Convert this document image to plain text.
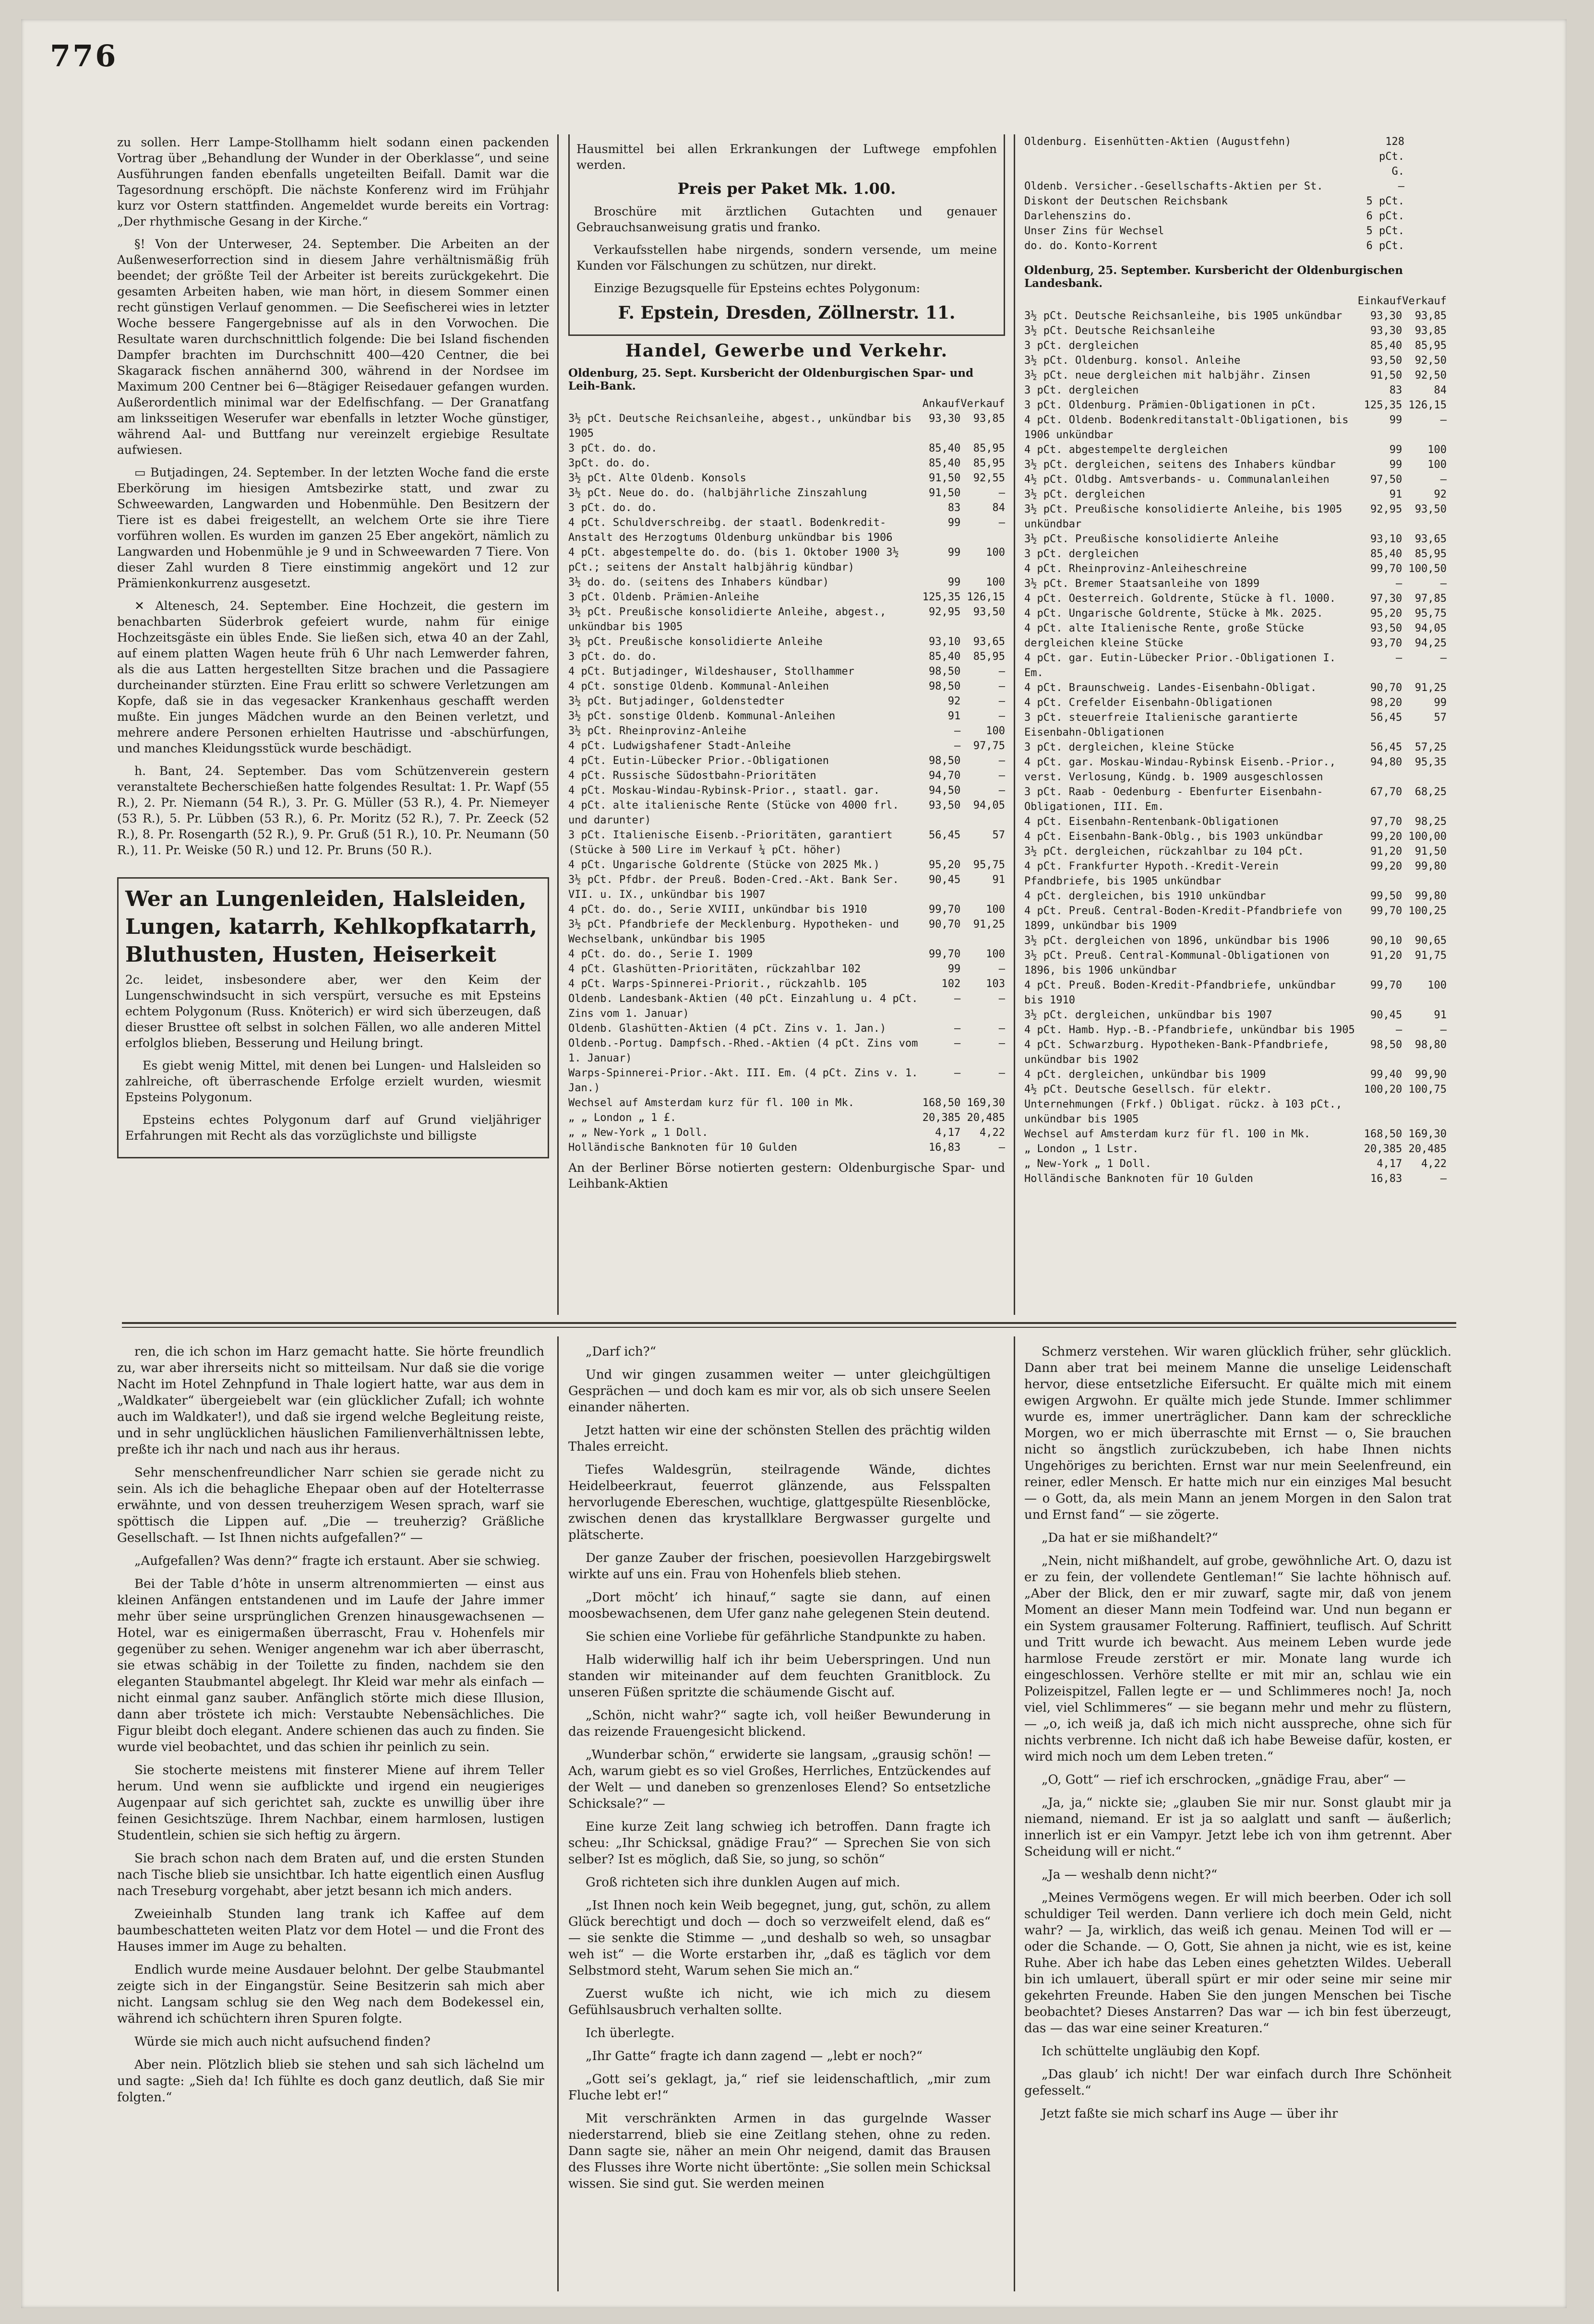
776

zu sollen. Herr Lampe-Stollhamm hielt sodann einen packenden Vortrag über „Behandlung der Wunder in der Oberklasse“, und seine Ausführungen fanden ebenfalls ungeteilten Beifall. Damit war die Tagesordnung erschöpft. Die nächste Konferenz wird im Frühjahr kurz vor Ostern stattfinden. Angemeldet wurde bereits ein Vortrag: „Der rhythmische Gesang in der Kirche.“

§! Von der Unterweser, 24. September. Die Arbeiten an der Außenweserforrection sind in diesem Jahre verhältnismäßig früh beendet; der größte Teil der Arbeiter ist bereits zurückgekehrt. Die gesamten Arbeiten haben, wie man hört, in diesem Sommer einen recht günstigen Verlauf genommen. — Die Seefischerei wies in letzter Woche bessere Fangergebnisse auf als in den Vorwochen. Die Resultate waren durchschnittlich folgende: Die bei Island fischenden Dampfer brachten im Durchschnitt 400—420 Centner, die bei Skagarack fischen annähernd 300, während in der Nordsee im Maximum 200 Centner bei 6—8tägiger Reisedauer gefangen wurden. Außerordentlich minimal war der Edelfischfang. — Der Granatfang am linksseitigen Weserufer war ebenfalls in letzter Woche günstiger, während Aal- und Buttfang nur vereinzelt ergiebige Resultate aufwiesen.

▭ Butjadingen, 24. September. In der letzten Woche fand die erste Eberkörung im hiesigen Amtsbezirke statt, und zwar zu Schweewarden, Langwarden und Hobenmühle. Den Besitzern der Tiere ist es dabei freigestellt, an welchem Orte sie ihre Tiere vorführen wollen. Es wurden im ganzen 25 Eber angekört, nämlich zu Langwarden und Hobenmühle je 9 und in Schweewarden 7 Tiere. Von dieser Zahl wurden 8 Tiere einstimmig angekört und 12 zur Prämienkonkurrenz ausgesetzt.

✕ Altenesch, 24. September. Eine Hochzeit, die gestern im benachbarten Süderbrok gefeiert wurde, nahm für einige Hochzeitsgäste ein übles Ende. Sie ließen sich, etwa 40 an der Zahl, auf einem platten Wagen heute früh 6 Uhr nach Lemwerder fahren, als die aus Latten hergestellten Sitze brachen und die Passagiere durcheinander stürzten. Eine Frau erlitt so schwere Verletzungen am Kopfe, daß sie in das vegesacker Krankenhaus geschafft werden mußte. Ein junges Mädchen wurde an den Beinen verletzt, und mehrere andere Personen erhielten Hautrisse und -abschürfungen, und manches Kleidungsstück wurde beschädigt.

h. Bant, 24. September. Das vom Schützenverein gestern veranstaltete Becherschießen hatte folgendes Resultat: 1. Pr. Wapf (55 R.), 2. Pr. Niemann (54 R.), 3. Pr. G. Müller (53 R.), 4. Pr. Niemeyer (53 R.), 5. Pr. Lübben (53 R.), 6. Pr. Moritz (52 R.), 7. Pr. Zeeck (52 R.), 8. Pr. Rosengarth (52 R.), 9. Pr. Gruß (51 R.), 10. Pr. Neumann (50 R.), 11. Pr. Weiske (50 R.) und 12. Pr. Bruns (50 R.).

Wer an Lungenleiden, Halsleiden, Lungen, katarrh, Kehlkopfkatarrh, Bluthusten, Husten, Heiserkeit

2c. leidet, insbesondere aber, wer den Keim der Lungenschwindsucht in sich verspürt, versuche es mit Epsteins echtem Polygonum (Russ. Knöterich) er wird sich überzeugen, daß dieser Brusttee oft selbst in solchen Fällen, wo alle anderen Mittel erfolglos blieben, Besserung und Heilung bringt.

Es giebt wenig Mittel, mit denen bei Lungen- und Halsleiden so zahlreiche, oft überraschende Erfolge erzielt wurden, wiesmit Epsteins Polygonum.

Epsteins echtes Polygonum darf auf Grund vieljähriger Erfahrungen mit Recht als das vorzüglichste und billigste

Hausmittel bei allen Erkrankungen der Luftwege empfohlen werden.

Preis per Paket Mk. 1.00.

Broschüre mit ärztlichen Gutachten und genauer Gebrauchsanweisung gratis und franko.

Verkaufsstellen habe nirgends, sondern versende, um meine Kunden vor Fälschungen zu schützen, nur direkt.

Einzige Bezugsquelle für Epsteins echtes Polygonum:

F. Epstein, Dresden, Zöllnerstr. 11.
Handel, Gewerbe und Verkehr.
Oldenburg, 25. Sept. Kursbericht der Oldenburgischen Spar- und Leih-Bank.
	Ankauf	Verkauf
3½ pCt. Deutsche Reichsanleihe, abgest., unkündbar bis 1905	93,30	93,85
3 pCt. do. do.	85,40	85,95
3pCt. do. do.	85,40	85,95
3½ pCt. Alte Oldenb. Konsols	91,50	92,55
3½ pCt. Neue do. do. (halbjährliche Zinszahlung	91,50	—
3 pCt. do. do.	83	84
4 pCt. Schuldverschreibg. der staatl. Bodenkredit-Anstalt des Herzogtums Oldenburg unkündbar bis 1906	99	—
4 pCt. abgestempelte do. do. (bis 1. Oktober 1900 3½ pCt.; seitens der Anstalt halbjährig kündbar)	99	100
3½ do. do. (seitens des Inhabers kündbar)	99	100
3 pCt. Oldenb. Prämien-Anleihe	125,35	126,15
3½ pCt. Preußische konsolidierte Anleihe, abgest., unkündbar bis 1905	92,95	93,50
3½ pCt. Preußische konsolidierte Anleihe	93,10	93,65
3 pCt. do. do.	85,40	85,95
4 pCt. Butjadinger, Wildeshauser, Stollhammer	98,50	—
4 pCt. sonstige Oldenb. Kommunal-Anleihen	98,50	—
3½ pCt. Butjadinger, Goldenstedter	92	—
3½ pCt. sonstige Oldenb. Kommunal-Anleihen	91	—
3½ pCt. Rheinprovinz-Anleihe	—	100
4 pCt. Ludwigshafener Stadt-Anleihe	—	97,75
4 pCt. Eutin-Lübecker Prior.-Obligationen	98,50	—
4 pCt. Russische Südostbahn-Prioritäten	94,70	—
4 pCt. Moskau-Windau-Rybinsk-Prior., staatl. gar.	94,50	—
4 pCt. alte italienische Rente (Stücke von 4000 frl. und darunter)	93,50	94,05
3 pCt. Italienische Eisenb.-Prioritäten, garantiert (Stücke à 500 Lire im Verkauf ¼ pCt. höher)	56,45	57
4 pCt. Ungarische Goldrente (Stücke von 2025 Mk.)	95,20	95,75
3½ pCt. Pfdbr. der Preuß. Boden-Cred.-Akt. Bank Ser. VII. u. IX., unkündbar bis 1907	90,45	91
4 pCt. do. do., Serie XVIII, unkündbar bis 1910	99,70	100
3½ pCt. Pfandbriefe der Mecklenburg. Hypotheken- und Wechselbank, unkündbar bis 1905	90,70	91,25
4 pCt. do. do., Serie I. 1909	99,70	100
4 pCt. Glashütten-Prioritäten, rückzahlbar 102	99	—
4 pCt. Warps-Spinnerei-Priorit., rückzahlb. 105	102	103
Oldenb. Landesbank-Aktien (40 pCt. Einzahlung u. 4 pCt. Zins vom 1. Januar)	—	—
Oldenb. Glashütten-Aktien (4 pCt. Zins v. 1. Jan.)	—	—
Oldenb.-Portug. Dampfsch.-Rhed.-Aktien (4 pCt. Zins vom 1. Januar)	—	—
Warps-Spinnerei-Prior.-Akt. III. Em. (4 pCt. Zins v. 1. Jan.)	—	—
Wechsel auf Amsterdam kurz für fl. 100 in Mk.	168,50	169,30
„ „ London „ 1 £.	20,385	20,485
„ „ New-York „ 1 Doll.	4,17	4,22
Holländische Banknoten für 10 Gulden	16,83	—

An der Berliner Börse notierten gestern: Oldenburgische Spar- und Leihbank-Aktien

Oldenburg. Eisenhütten-Aktien (Augustfehn)	128 pCt. G.	
Oldenb. Versicher.-Gesellschafts-Aktien per St.	—	
Diskont der Deutschen Reichsbank	5 pCt.	
Darlehenszins do.	6 pCt.	
Unser Zins für Wechsel	5 pCt.	
do. do. Konto-Korrent	6 pCt.	
Oldenburg, 25. September. Kursbericht der Oldenburgischen Landesbank.
	Einkauf	Verkauf
3½ pCt. Deutsche Reichsanleihe, bis 1905 unkündbar	93,30	93,85
3½ pCt. Deutsche Reichsanleihe	93,30	93,85
3 pCt. dergleichen	85,40	85,95
3½ pCt. Oldenburg. konsol. Anleihe	93,50	92,50
3½ pCt. neue dergleichen mit halbjähr. Zinsen	91,50	92,50
3 pCt. dergleichen	83	84
3 pCt. Oldenburg. Prämien-Obligationen in pCt.	125,35	126,15
4 pCt. Oldenb. Bodenkreditanstalt-Obligationen, bis 1906 unkündbar	99	—
4 pCt. abgestempelte dergleichen	99	100
3½ pCt. dergleichen, seitens des Inhabers kündbar	99	100
4½ pCt. Oldbg. Amtsverbands- u. Communalanleihen	97,50	—
3½ pCt. dergleichen	91	92
3½ pCt. Preußische konsolidierte Anleihe, bis 1905 unkündbar	92,95	93,50
3½ pCt. Preußische konsolidierte Anleihe	93,10	93,65
3 pCt. dergleichen	85,40	85,95
4 pCt. Rheinprovinz-Anleiheschreine	99,70	100,50
3½ pCt. Bremer Staatsanleihe von 1899	—	—
4 pCt. Oesterreich. Goldrente, Stücke à fl. 1000.	97,30	97,85
4 pCt. Ungarische Goldrente, Stücke à Mk. 2025.	95,20	95,75
4 pCt. alte Italienische Rente, große Stücke	93,50	94,05
dergleichen kleine Stücke	93,70	94,25
4 pCt. gar. Eutin-Lübecker Prior.-Obligationen I. Em.	—	—
4 pCt. Braunschweig. Landes-Eisenbahn-Obligat.	90,70	91,25
4 pCt. Crefelder Eisenbahn-Obligationen	98,20	99
3 pCt. steuerfreie Italienische garantierte Eisenbahn-Obligationen	56,45	57
3 pCt. dergleichen, kleine Stücke	56,45	57,25
4 pCt. gar. Moskau-Windau-Rybinsk Eisenb.-Prior., verst. Verlosung, Kündg. b. 1909 ausgeschlossen	94,80	95,35
3 pCt. Raab - Oedenburg - Ebenfurter Eisenbahn-Obligationen, III. Em.	67,70	68,25
4 pCt. Eisenbahn-Rentenbank-Obligationen	97,70	98,25
4 pCt. Eisenbahn-Bank-Oblg., bis 1903 unkündbar	99,20	100,00
3½ pCt. dergleichen, rückzahlbar zu 104 pCt.	91,20	91,50
4 pCt. Frankfurter Hypoth.-Kredit-Verein Pfandbriefe, bis 1905 unkündbar	99,20	99,80
4 pCt. dergleichen, bis 1910 unkündbar	99,50	99,80
4 pCt. Preuß. Central-Boden-Kredit-Pfandbriefe von 1899, unkündbar bis 1909	99,70	100,25
3½ pCt. dergleichen von 1896, unkündbar bis 1906	90,10	90,65
3½ pCt. Preuß. Central-Kommunal-Obligationen von 1896, bis 1906 unkündbar	91,20	91,75
4 pCt. Preuß. Boden-Kredit-Pfandbriefe, unkündbar bis 1910	99,70	100
3½ pCt. dergleichen, unkündbar bis 1907	90,45	91
4 pCt. Hamb. Hyp.-B.-Pfandbriefe, unkündbar bis 1905	—	—
4 pCt. Schwarzburg. Hypotheken-Bank-Pfandbriefe, unkündbar bis 1902	98,50	98,80
4 pCt. dergleichen, unkündbar bis 1909	99,40	99,90
4½ pCt. Deutsche Gesellsch. für elektr. Unternehmungen (Frkf.) Obligat. rückz. à 103 pCt., unkündbar bis 1905	100,20	100,75
Wechsel auf Amsterdam kurz für fl. 100 in Mk.	168,50	169,30
„ London „ 1 Lstr.	20,385	20,485
„ New-York „ 1 Doll.	4,17	4,22
Holländische Banknoten für 10 Gulden	16,83	—

ren, die ich schon im Harz gemacht hatte. Sie hörte freundlich zu, war aber ihrerseits nicht so mitteilsam. Nur daß sie die vorige Nacht im Hotel Zehnpfund in Thale logiert hatte, war aus dem in „Waldkater“ übergeiebelt war (ein glücklicher Zufall; ich wohnte auch im Waldkater!), und daß sie irgend welche Begleitung reiste, und in sehr unglücklichen häuslichen Familienverhältnissen lebte, preßte ich ihr nach und nach aus ihr heraus.

Sehr menschenfreundlicher Narr schien sie gerade nicht zu sein. Als ich die behagliche Ehepaar oben auf der Hotelterrasse erwähnte, und von dessen treuherzigem Wesen sprach, warf sie spöttisch die Lippen auf. „Die — treuherzig? Gräßliche Gesellschaft. — Ist Ihnen nichts aufgefallen?“ —

„Aufgefallen? Was denn?“ fragte ich erstaunt. Aber sie schwieg.

Bei der Table d’hôte in unserm altrenommierten — einst aus kleinen Anfängen entstandenen und im Laufe der Jahre immer mehr über seine ursprünglichen Grenzen hinausgewachsenen — Hotel, war es einigermaßen überrascht, Frau v. Hohenfels mir gegenüber zu sehen. Weniger angenehm war ich aber überrascht, sie etwas schäbig in der Toilette zu finden, nachdem sie den eleganten Staubmantel abgelegt. Ihr Kleid war mehr als einfach — nicht einmal ganz sauber. Anfänglich störte mich diese Illusion, dann aber tröstete ich mich: Verstaubte Nebensächliches. Die Figur bleibt doch elegant. Andere schienen das auch zu finden. Sie wurde viel beobachtet, und das schien ihr peinlich zu sein.

Sie stocherte meistens mit finsterer Miene auf ihrem Teller herum. Und wenn sie aufblickte und irgend ein neugieriges Augenpaar auf sich gerichtet sah, zuckte es unwillig über ihre feinen Gesichtszüge. Ihrem Nachbar, einem harmlosen, lustigen Studentlein, schien sie sich heftig zu ärgern.

Sie brach schon nach dem Braten auf, und die ersten Stunden nach Tische blieb sie unsichtbar. Ich hatte eigentlich einen Ausflug nach Treseburg vorgehabt, aber jetzt besann ich mich anders.

Zweieinhalb Stunden lang trank ich Kaffee auf dem baumbeschatteten weiten Platz vor dem Hotel — und die Front des Hauses immer im Auge zu behalten.

Endlich wurde meine Ausdauer belohnt. Der gelbe Staubmantel zeigte sich in der Eingangstür. Seine Besitzerin sah mich aber nicht. Langsam schlug sie den Weg nach dem Bodekessel ein, während ich schüchtern ihren Spuren folgte.

Würde sie mich auch nicht aufsuchend finden?

Aber nein. Plötzlich blieb sie stehen und sah sich lächelnd um und sagte: „Sieh da! Ich fühlte es doch ganz deutlich, daß Sie mir folgten.“

„Darf ich?“

Und wir gingen zusammen weiter — unter gleichgültigen Gesprächen — und doch kam es mir vor, als ob sich unsere Seelen einander näherten.

Jetzt hatten wir eine der schönsten Stellen des prächtig wilden Thales erreicht.

Tiefes Waldesgrün, steilragende Wände, dichtes Heidelbeerkraut, feuerrot glänzende, aus Felsspalten hervorlugende Ebereschen, wuchtige, glattgespülte Riesenblöcke, zwischen denen das krystallklare Bergwasser gurgelte und plätscherte.

Der ganze Zauber der frischen, poesievollen Harzgebirgswelt wirkte auf uns ein. Frau von Hohenfels blieb stehen.

„Dort möcht’ ich hinauf,“ sagte sie dann, auf einen moosbewachsenen, dem Ufer ganz nahe gelegenen Stein deutend.

Sie schien eine Vorliebe für gefährliche Standpunkte zu haben.

Halb widerwillig half ich ihr beim Ueberspringen. Und nun standen wir miteinander auf dem feuchten Granitblock. Zu unseren Füßen spritzte die schäumende Gischt auf.

„Schön, nicht wahr?“ sagte ich, voll heißer Bewunderung in das reizende Frauengesicht blickend.

„Wunderbar schön,“ erwiderte sie langsam, „grausig schön! — Ach, warum giebt es so viel Großes, Herrliches, Entzückendes auf der Welt — und daneben so grenzenloses Elend? So entsetzliche Schicksale?“ —

Eine kurze Zeit lang schwieg ich betroffen. Dann fragte ich scheu: „Ihr Schicksal, gnädige Frau?“ — Sprechen Sie von sich selber? Ist es möglich, daß Sie, so jung, so schön“

Groß richteten sich ihre dunklen Augen auf mich.

„Ist Ihnen noch kein Weib begegnet, jung, gut, schön, zu allem Glück berechtigt und doch — doch so verzweifelt elend, daß es“ — sie senkte die Stimme — „und deshalb so weh, so unsagbar weh ist“ — die Worte erstarben ihr, „daß es täglich vor dem Selbstmord steht, Warum sehen Sie mich an.“

Zuerst wußte ich nicht, wie ich mich zu diesem Gefühlsausbruch verhalten sollte.

Ich überlegte.

„Ihr Gatte“ fragte ich dann zagend — „lebt er noch?“

„Gott sei’s geklagt, ja,“ rief sie leidenschaftlich, „mir zum Fluche lebt er!“

Mit verschränkten Armen in das gurgelnde Wasser niederstarrend, blieb sie eine Zeitlang stehen, ohne zu reden. Dann sagte sie, näher an mein Ohr neigend, damit das Brausen des Flusses ihre Worte nicht übertönte: „Sie sollen mein Schicksal wissen. Sie sind gut. Sie werden meinen

Schmerz verstehen. Wir waren glücklich früher, sehr glücklich. Dann aber trat bei meinem Manne die unselige Leidenschaft hervor, diese entsetzliche Eifersucht. Er quälte mich mit einem ewigen Argwohn. Er quälte mich jede Stunde. Immer schlimmer wurde es, immer unerträglicher. Dann kam der schreckliche Morgen, wo er mich überraschte mit Ernst — o, Sie brauchen nicht so ängstlich zurückzubeben, ich habe Ihnen nichts Ungehöriges zu berichten. Ernst war nur mein Seelenfreund, ein reiner, edler Mensch. Er hatte mich nur ein einziges Mal besucht — o Gott, da, als mein Mann an jenem Morgen in den Salon trat und Ernst fand“ — sie zögerte.

„Da hat er sie mißhandelt?“

„Nein, nicht mißhandelt, auf grobe, gewöhnliche Art. O, dazu ist er zu fein, der vollendete Gentleman!“ Sie lachte höhnisch auf. „Aber der Blick, den er mir zuwarf, sagte mir, daß von jenem Moment an dieser Mann mein Todfeind war. Und nun begann er ein System grausamer Folterung. Raffiniert, teuflisch. Auf Schritt und Tritt wurde ich bewacht. Aus meinem Leben wurde jede harmlose Freude zerstört er mir. Monate lang wurde ich eingeschlossen. Verhöre stellte er mit mir an, schlau wie ein Polizeispitzel, Fallen legte er — und Schlimmeres noch! Ja, noch viel, viel Schlimmeres“ — sie begann mehr und mehr zu flüstern, — „o, ich weiß ja, daß ich mich nicht ausspreche, ohne sich für nichts verbrenne. Ich nicht daß ich habe Beweise dafür, kosten, er wird mich noch um dem Leben treten.“

„O, Gott“ — rief ich erschrocken, „gnädige Frau, aber“ —

„Ja, ja,“ nickte sie; „glauben Sie mir nur. Sonst glaubt mir ja niemand, niemand. Er ist ja so aalglatt und sanft — äußerlich; innerlich ist er ein Vampyr. Jetzt lebe ich von ihm getrennt. Aber Scheidung will er nicht.“

„Ja — weshalb denn nicht?“

„Meines Vermögens wegen. Er will mich beerben. Oder ich soll schuldiger Teil werden. Dann verliere ich doch mein Geld, nicht wahr? — Ja, wirklich, das weiß ich genau. Meinen Tod will er — oder die Schande. — O, Gott, Sie ahnen ja nicht, wie es ist, keine Ruhe. Aber ich habe das Leben eines gehetzten Wildes. Ueberall bin ich umlauert, überall spürt er mir oder seine mir seine mir gekehrten Freunde. Haben Sie den jungen Menschen bei Tische beobachtet? Dieses Anstarren? Das war — ich bin fest überzeugt, das — das war eine seiner Kreaturen.“

Ich schüttelte ungläubig den Kopf.

„Das glaub’ ich nicht! Der war einfach durch Ihre Schönheit gefesselt.“

Jetzt faßte sie mich scharf ins Auge — über ihr
